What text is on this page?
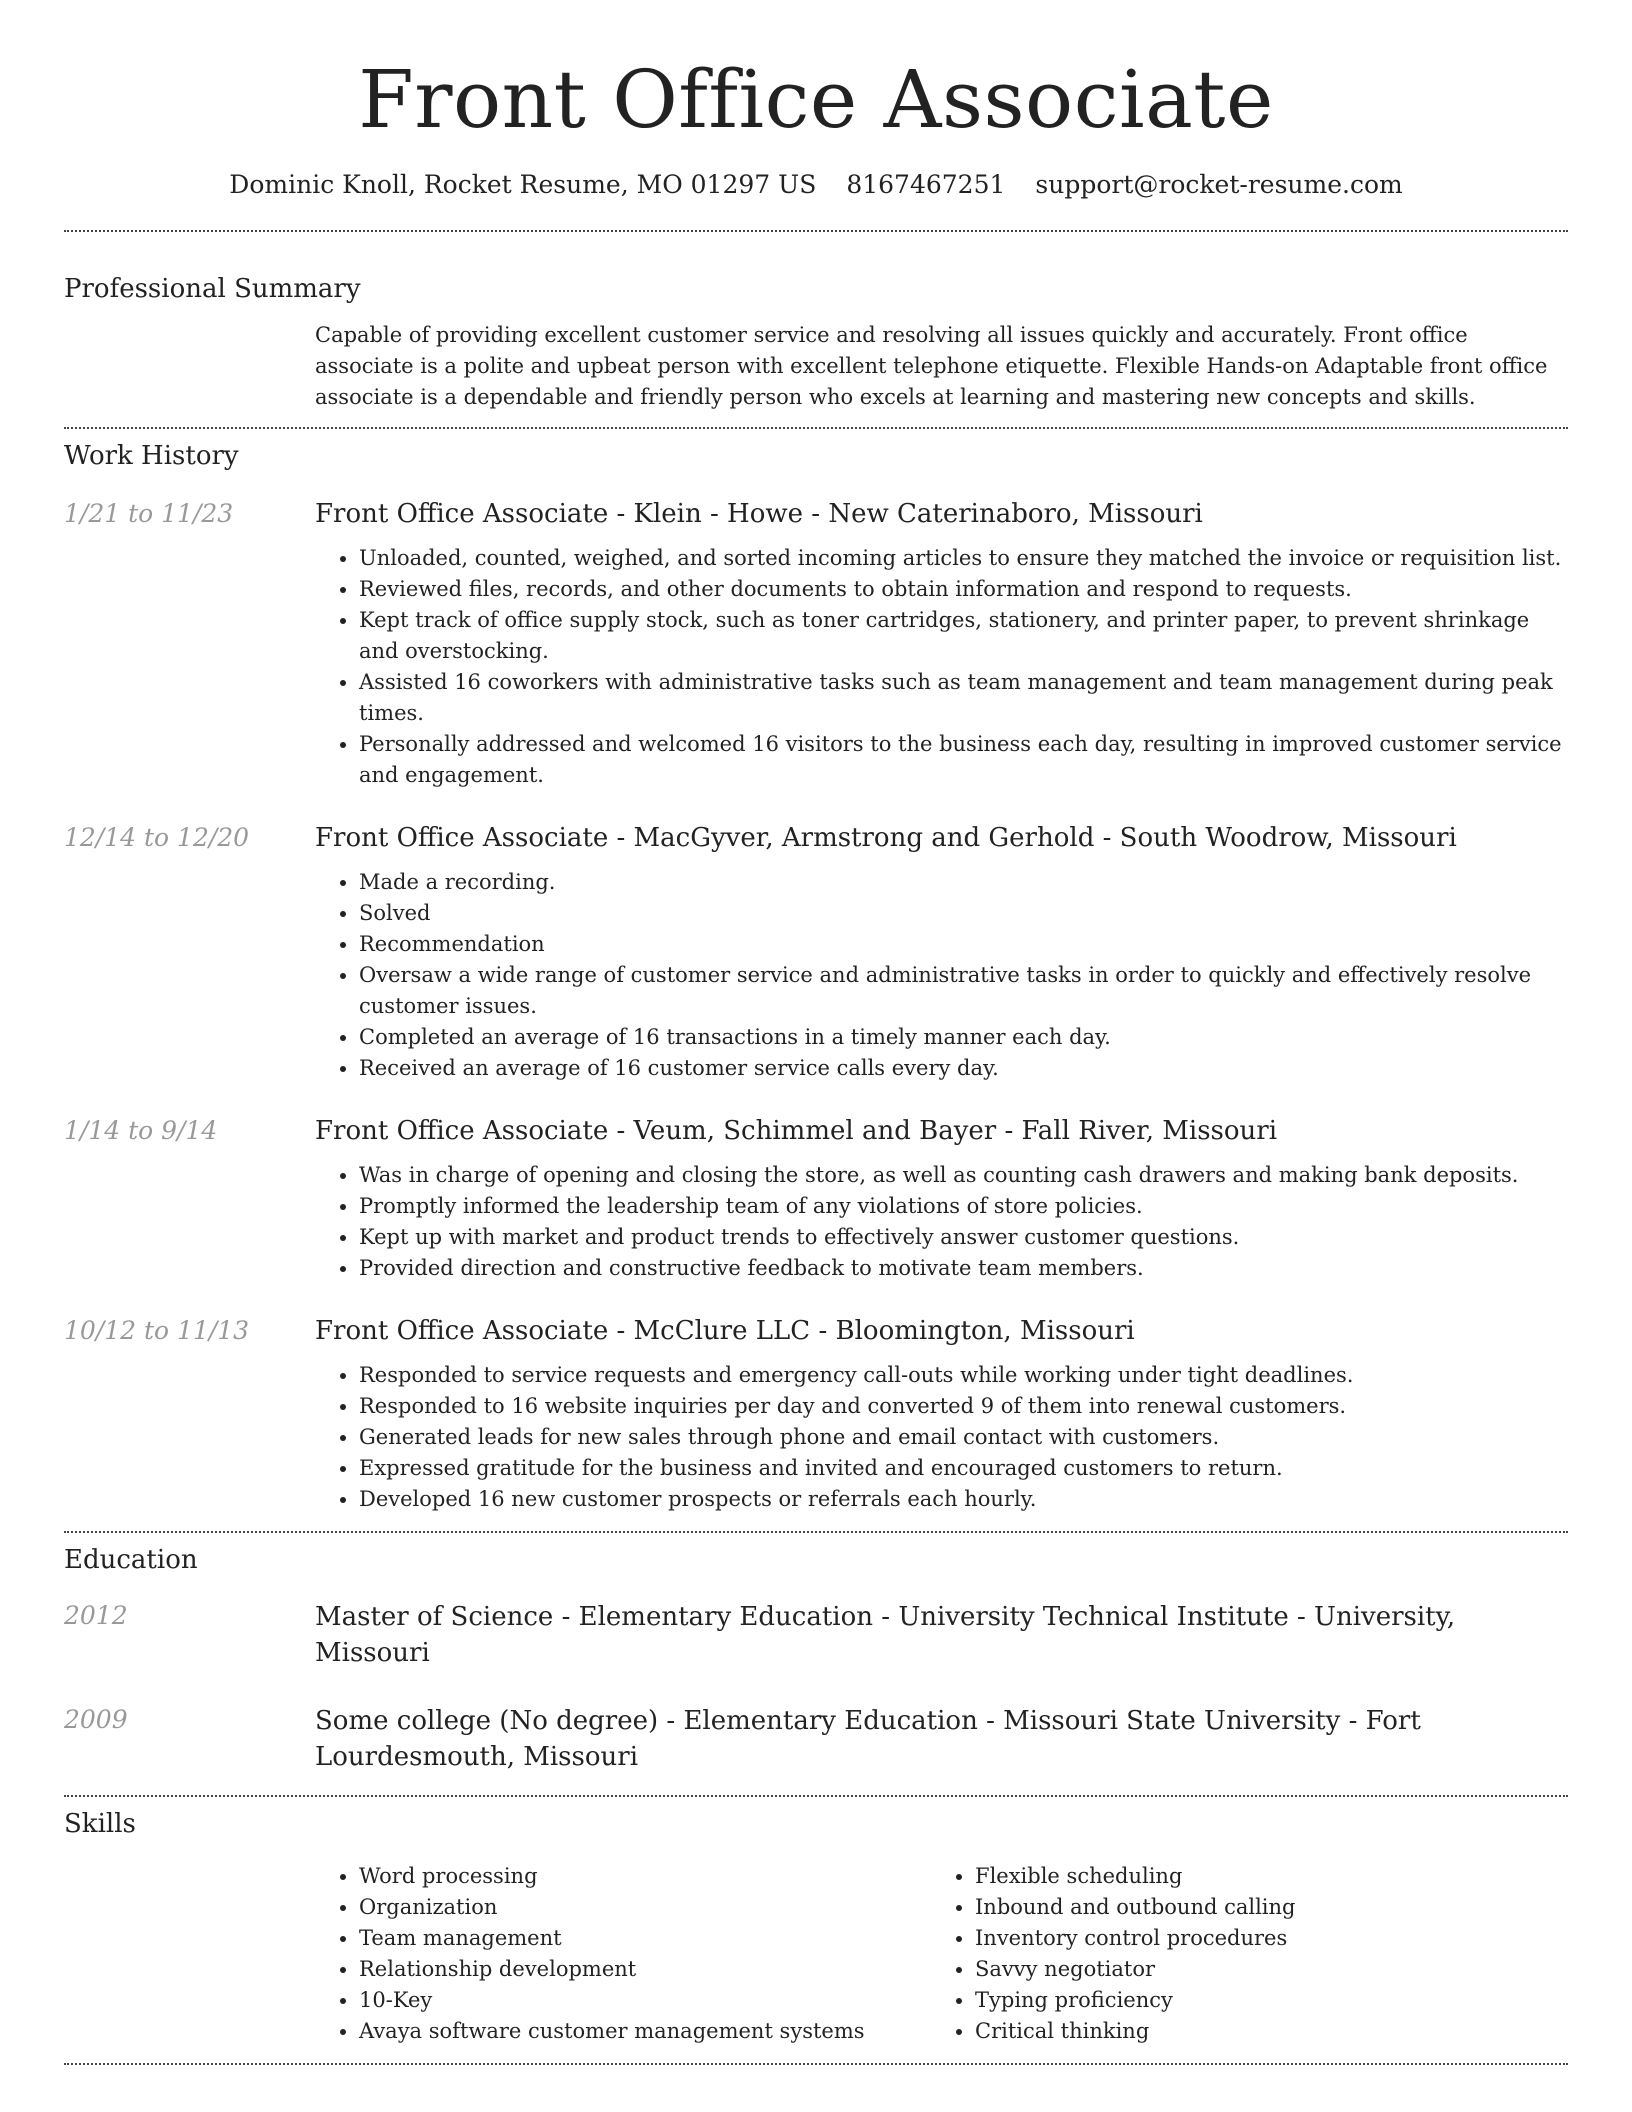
Front Office Associate
Dominic Knoll, Rocket Resume, MO 01297 US 8167467251 support@rocket-resume.com
Professional Summary
Capable of providing excellent customer service and resolving all issues quickly and accurately. Front office associate is a polite and upbeat person with excellent telephone etiquette. Flexible Hands-on Adaptable front office associate is a dependable and friendly person who excels at learning and mastering new concepts and skills.
Work History
1/21 to 11/23	Front Office Associate - Klein - Howe - New Caterinaboro, Missouri
• Unloaded, counted, weighed, and sorted incoming articles to ensure they matched the invoice or requisition list.
• Reviewed files, records, and other documents to obtain information and respond to requests.
• Kept track of office supply stock, such as toner cartridges, stationery, and printer paper, to prevent shrinkage and overstocking.
• Assisted 16 coworkers with administrative tasks such as team management and team management during peak times.
• Personally addressed and welcomed 16 visitors to the business each day, resulting in improved customer service and engagement.
12/14 to 12/20	Front Office Associate - MacGyver, Armstrong and Gerhold - South Woodrow, Missouri
• Made a recording.
• Solved
• Recommendation
• Oversaw a wide range of customer service and administrative tasks in order to quickly and effectively resolve customer issues.
• Completed an average of 16 transactions in a timely manner each day.
• Received an average of 16 customer service calls every day.
1/14 to 9/14	Front Office Associate - Veum, Schimmel and Bayer - Fall River, Missouri
• Was in charge of opening and closing the store, as well as counting cash drawers and making bank deposits.
• Promptly informed the leadership team of any violations of store policies.
• Kept up with market and product trends to effectively answer customer questions.
• Provided direction and constructive feedback to motivate team members.
10/12 to 11/13	Front Office Associate - McClure LLC - Bloomington, Missouri
• Responded to service requests and emergency call-outs while working under tight deadlines.
• Responded to 16 website inquiries per day and converted 9 of them into renewal customers.
• Generated leads for new sales through phone and email contact with customers.
• Expressed gratitude for the business and invited and encouraged customers to return.
• Developed 16 new customer prospects or referrals each hourly.
Education
2012	Master of Science - Elementary Education - University Technical Institute - University, Missouri
2009	Some college (No degree) - Elementary Education - Missouri State University - Fort Lourdesmouth, Missouri
Skills
• Word processing
• Organization
• Team management
• Relationship development
• 10-Key
• Avaya software customer management systems
• Flexible scheduling
• Inbound and outbound calling
• Inventory control procedures
• Savvy negotiator
• Typing proficiency
• Critical thinking
